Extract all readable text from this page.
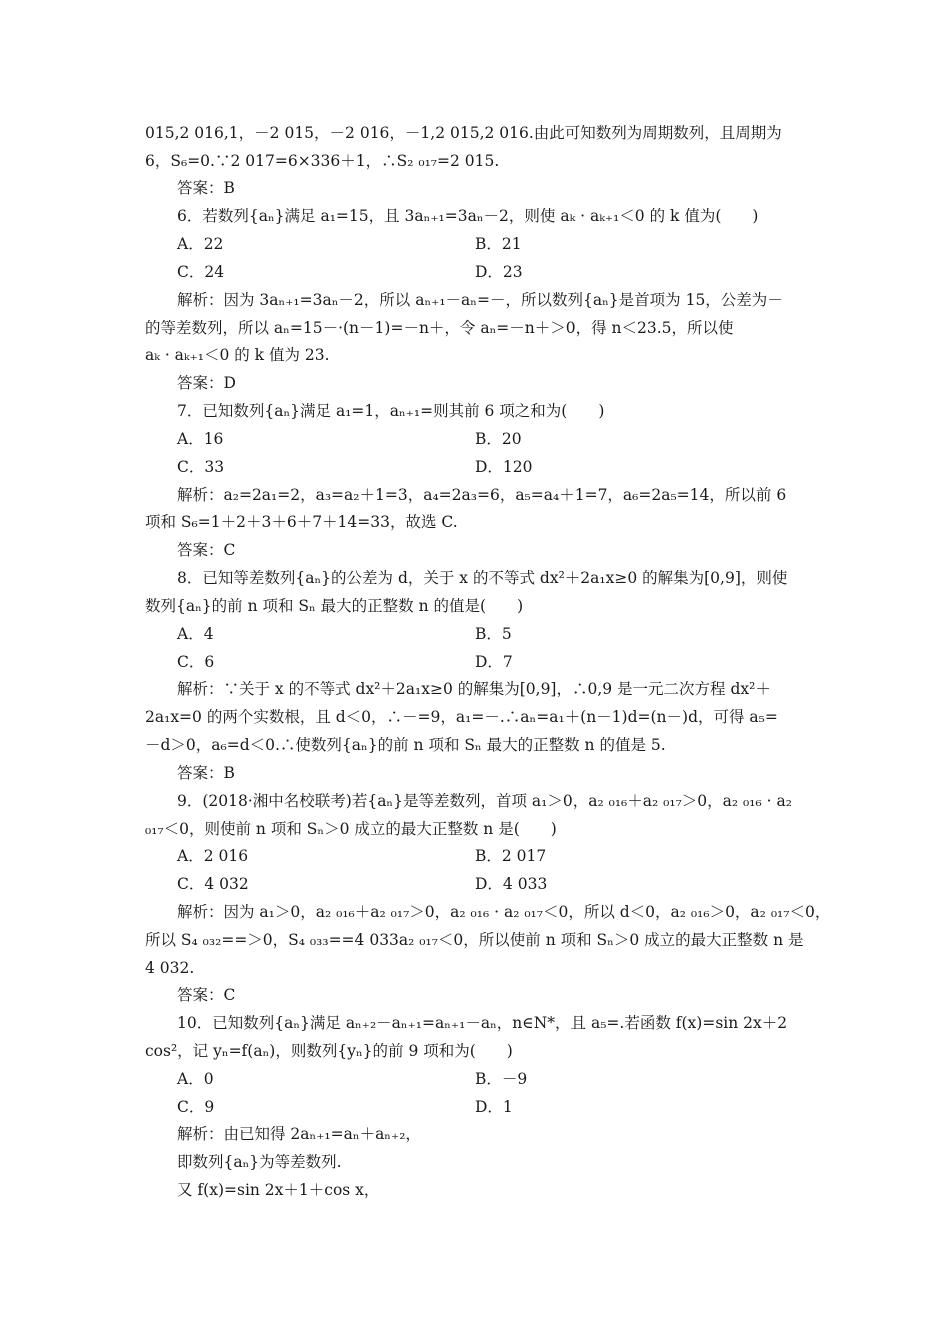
015,2 016,1，－2 015，－2 016，－1,2 015,2 016.由此可知数列为周期数列，且周期为
6，S₆=0.∵2 017=6×336＋1，∴S₂ ₀₁₇=2 015.
答案：B
6．若数列{aₙ}满足 a₁=15，且 3aₙ₊₁=3aₙ－2，则使 aₖ · aₖ₊₁＜0 的 k 值为(　　)
A．22	B．21
C．24	D．23
解析：因为 3aₙ₊₁=3aₙ－2，所以 aₙ₊₁－aₙ=－，所以数列{aₙ}是首项为 15，公差为－
的等差数列，所以 aₙ=15－·(n－1)=－n＋，令 aₙ=－n＋＞0，得 n＜23.5，所以使
aₖ · aₖ₊₁＜0 的 k 值为 23.
答案：D
7．已知数列{aₙ}满足 a₁=1，aₙ₊₁=则其前 6 项之和为(　　)
A．16	B．20
C．33	D．120
解析：a₂=2a₁=2，a₃=a₂＋1=3，a₄=2a₃=6，a₅=a₄＋1=7，a₆=2a₅=14，所以前 6
项和 S₆=1＋2＋3＋6＋7＋14=33，故选 C.
答案：C
8．已知等差数列{aₙ}的公差为 d，关于 x 的不等式 dx²＋2a₁x≥0 的解集为[0,9]，则使
数列{aₙ}的前 n 项和 Sₙ 最大的正整数 n 的值是(　　)
A．4	B．5
C．6	D．7
解析：∵关于 x 的不等式 dx²＋2a₁x≥0 的解集为[0,9]，∴0,9 是一元二次方程 dx²＋
2a₁x=0 的两个实数根，且 d＜0，∴－=9，a₁=－.∴aₙ=a₁＋(n－1)d=(n－)d，可得 a₅=
－d＞0，a₆=d＜0.∴使数列{aₙ}的前 n 项和 Sₙ 最大的正整数 n 的值是 5.
答案：B
9．(2018·湘中名校联考)若{aₙ}是等差数列，首项 a₁＞0，a₂ ₀₁₆＋a₂ ₀₁₇＞0，a₂ ₀₁₆ · a₂
₀₁₇＜0，则使前 n 项和 Sₙ＞0 成立的最大正整数 n 是(　　)
A．2 016	B．2 017
C．4 032	D．4 033
解析：因为 a₁＞0，a₂ ₀₁₆＋a₂ ₀₁₇＞0，a₂ ₀₁₆ · a₂ ₀₁₇＜0，所以 d＜0，a₂ ₀₁₆＞0，a₂ ₀₁₇＜0，
所以 S₄ ₀₃₂==＞0，S₄ ₀₃₃==4 033a₂ ₀₁₇＜0，所以使前 n 项和 Sₙ＞0 成立的最大正整数 n 是
4 032.
答案：C
10．已知数列{aₙ}满足 aₙ₊₂－aₙ₊₁=aₙ₊₁－aₙ，n∈N*，且 a₅=.若函数 f(x)=sin 2x＋2
cos²，记 yₙ=f(aₙ)，则数列{yₙ}的前 9 项和为(　　)
A．0	B．－9
C．9	D．1
解析：由已知得 2aₙ₊₁=aₙ＋aₙ₊₂，
即数列{aₙ}为等差数列.
又 f(x)=sin 2x＋1＋cos x，
